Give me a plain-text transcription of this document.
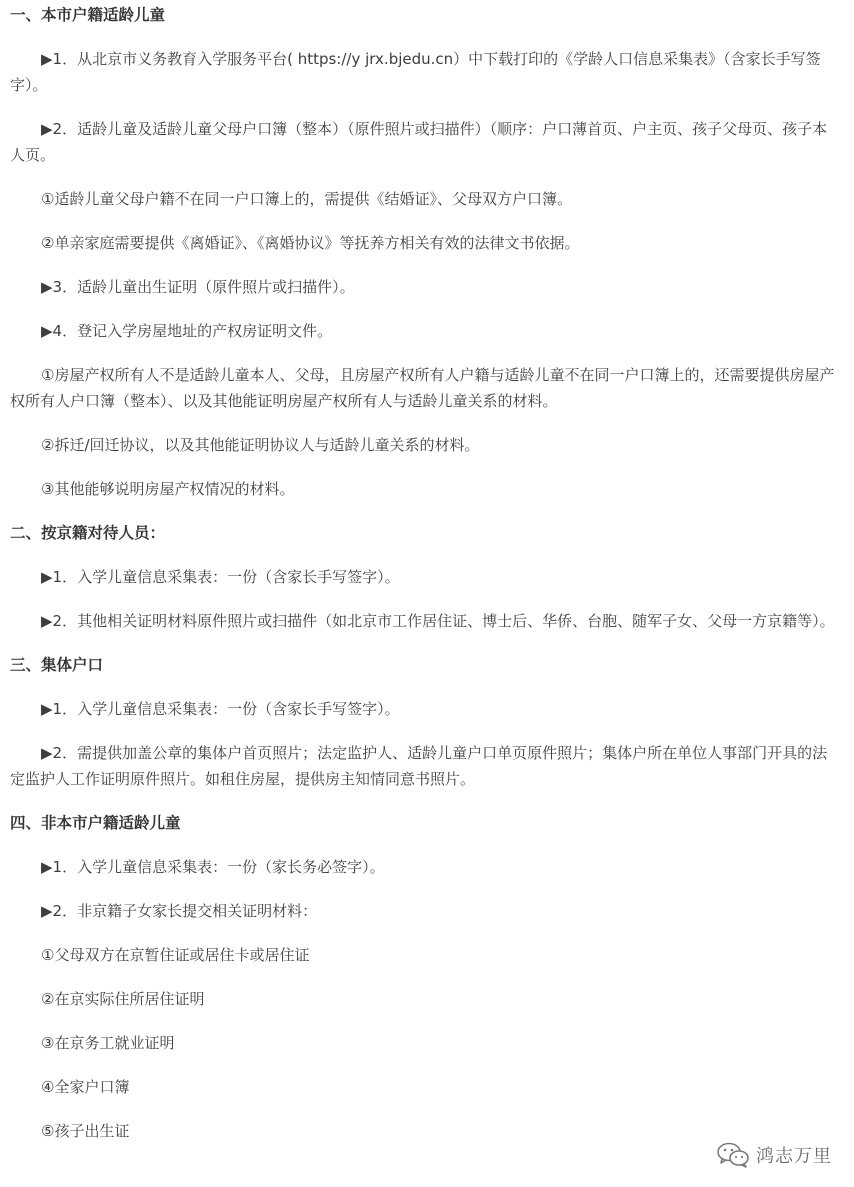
一、本市户籍适龄儿童
▶1．从北京市义务教育入学服务平台( https://y jrx.bjedu.cn）中下载打印的《学龄人口信息采集表》（含家长手写签字）。
▶2．适龄儿童及适龄儿童父母户口簿（整本）（原件照片或扫描件）（顺序：户口薄首页、户主页、孩子父母页、孩子本人页。
①适龄儿童父母户籍不在同一户口簿上的，需提供《结婚证》、父母双方户口簿。
②单亲家庭需要提供《离婚证》、《离婚协议》等抚养方相关有效的法律文书依据。
▶3．适龄儿童出生证明（原件照片或扫描件）。
▶4．登记入学房屋地址的产权房证明文件。
①房屋产权所有人不是适龄儿童本人、父母，且房屋产权所有人户籍与适龄儿童不在同一户口簿上的，还需要提供房屋产权所有人户口簿（整本）、以及其他能证明房屋产权所有人与适龄儿童关系的材料。
②拆迁/回迁协议，以及其他能证明协议人与适龄儿童关系的材料。
③其他能够说明房屋产权情况的材料。
二、按京籍对待人员：
▶1．入学儿童信息采集表：一份（含家长手写签字）。
▶2．其他相关证明材料原件照片或扫描件（如北京市工作居住证、博士后、华侨、台胞、随军子女、父母一方京籍等）。
三、集体户口
▶1．入学儿童信息采集表：一份（含家长手写签字）。
▶2．需提供加盖公章的集体户首页照片；法定监护人、适龄儿童户口单页原件照片；集体户所在单位人事部门开具的法定监护人工作证明原件照片。如租住房屋，提供房主知情同意书照片。
四、非本市户籍适龄儿童
▶1．入学儿童信息采集表：一份（家长务必签字）。
▶2．非京籍子女家长提交相关证明材料：
①父母双方在京暂住证或居住卡或居住证
②在京实际住所居住证明
③在京务工就业证明
④全家户口簿
⑤孩子出生证
鸿志万里
